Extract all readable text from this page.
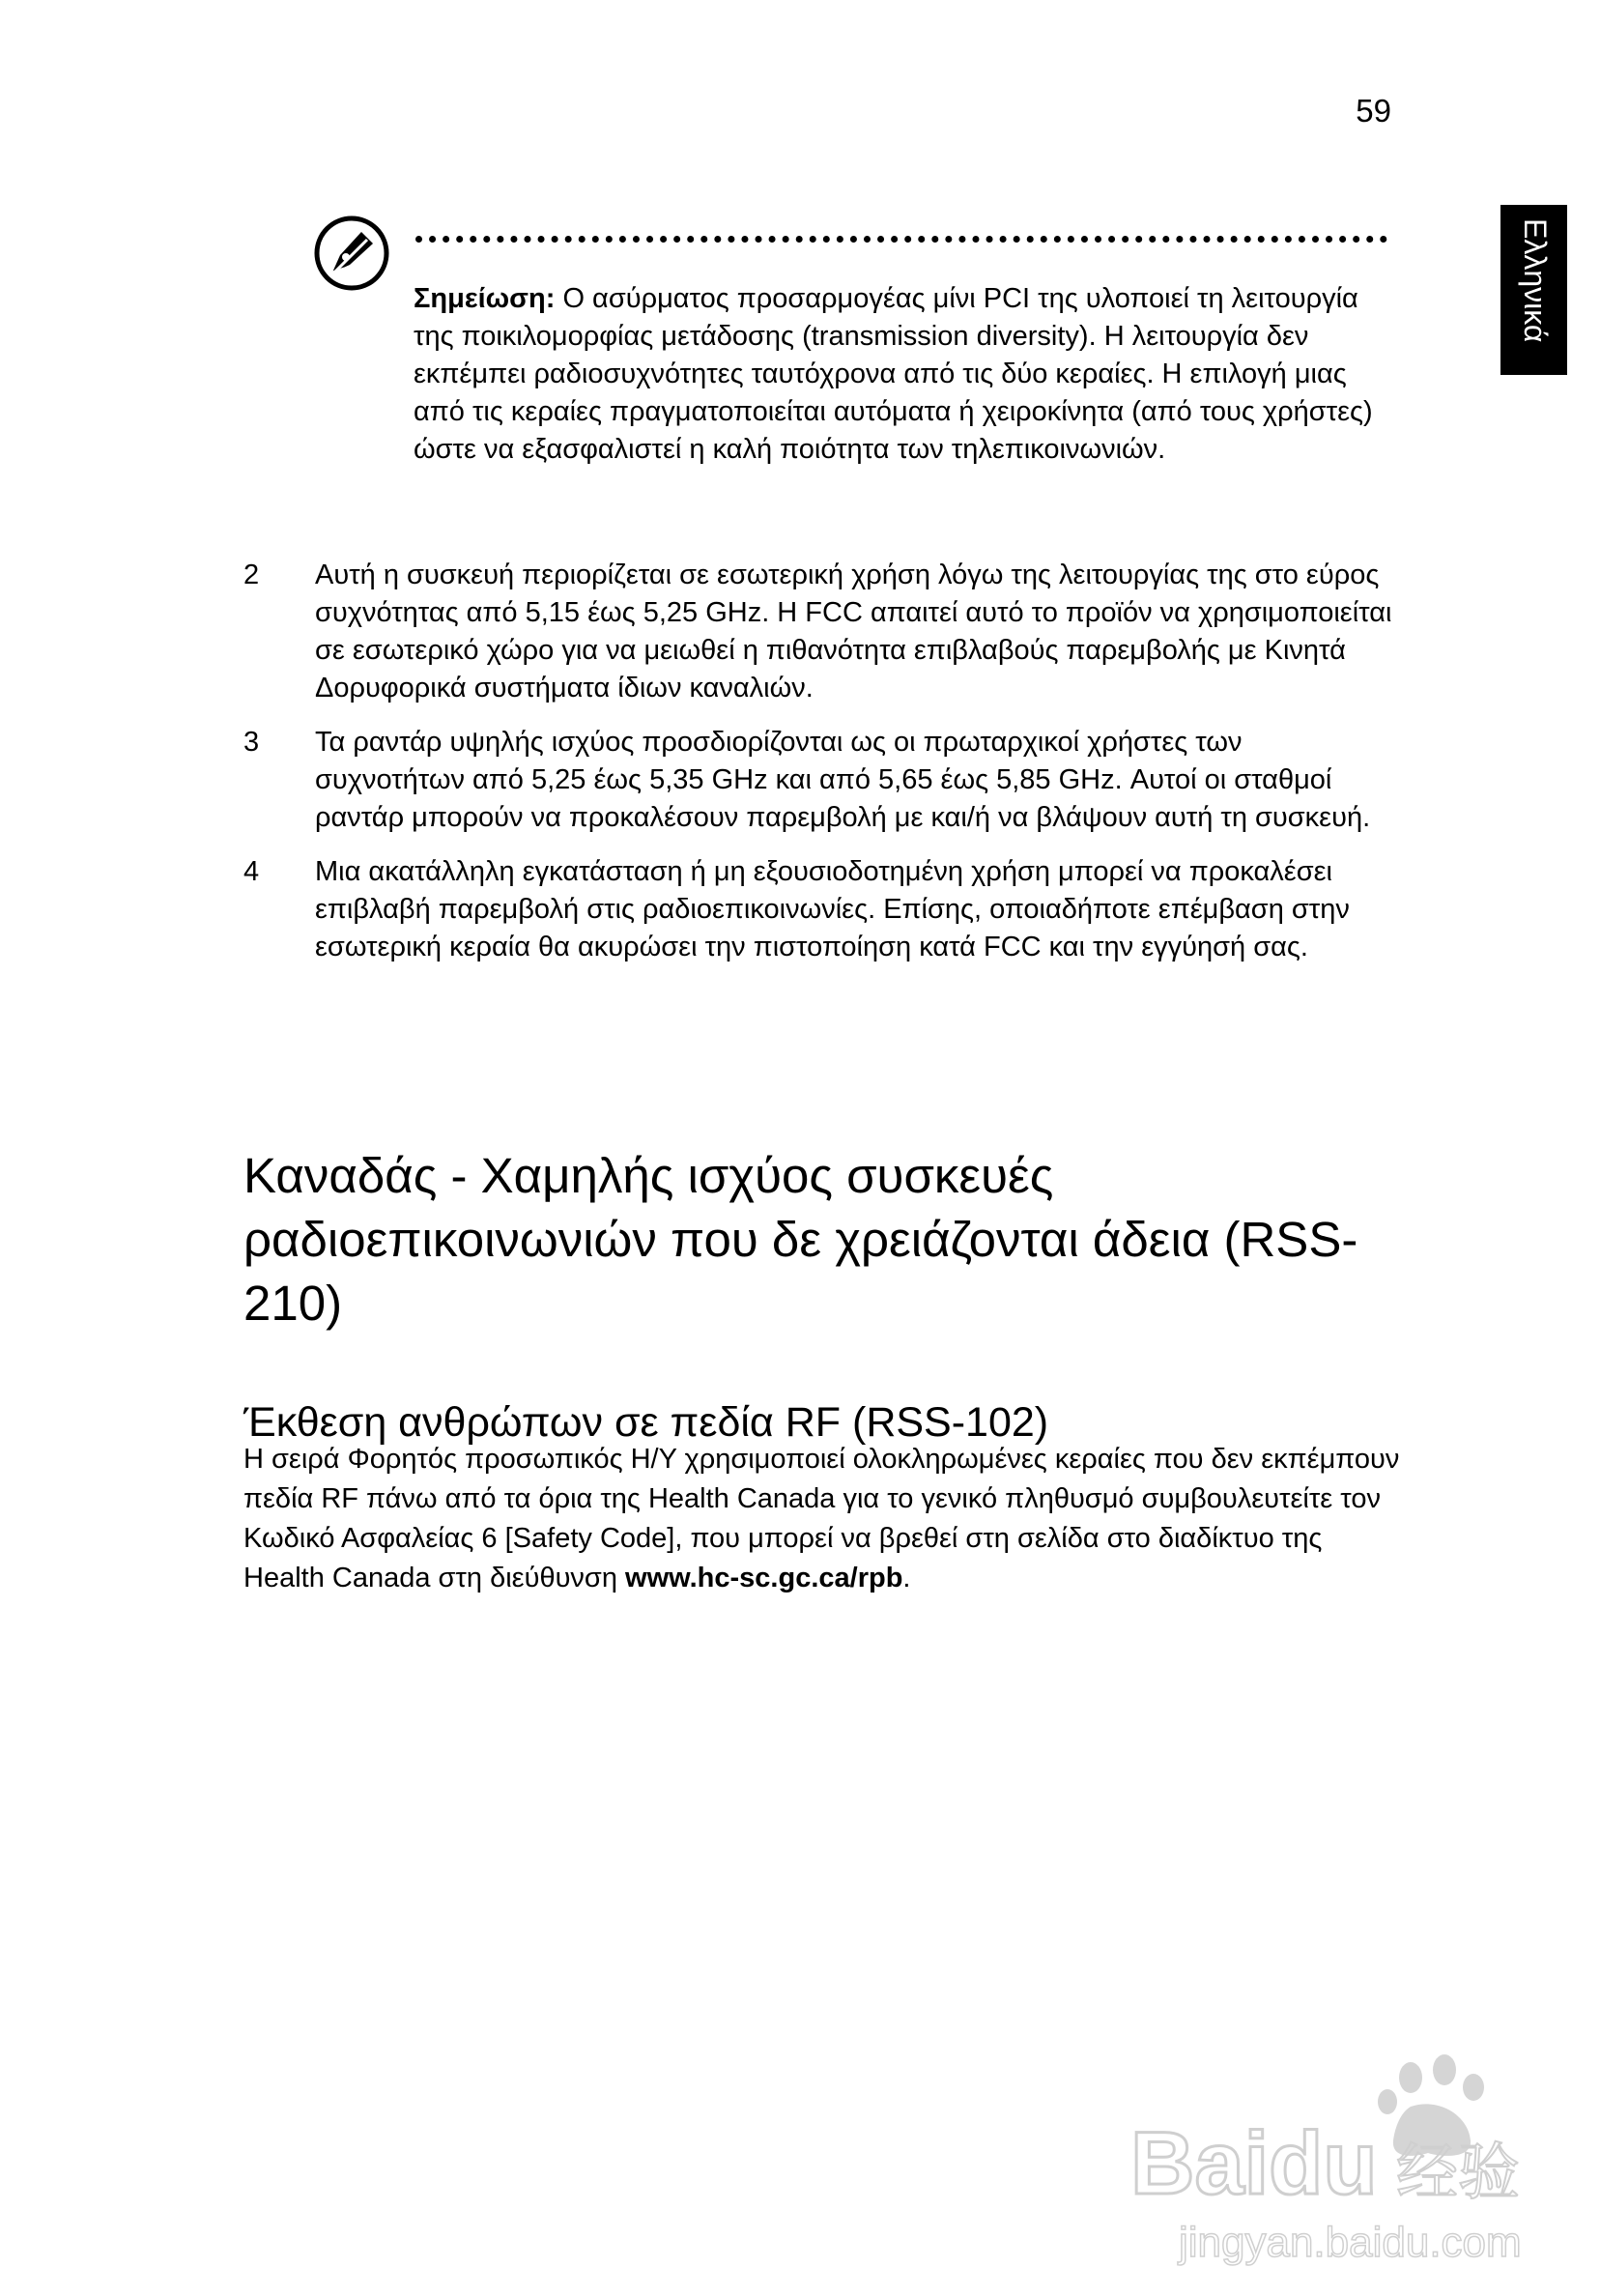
59
Ελληνικά
Σημείωση: Ο ασύρματος προσαρμογέας μίνι PCI της υλοποιεί τη λειτουργία της ποικιλομορφίας μετάδοσης (transmission diversity). Η λειτουργία δεν εκπέμπει ραδιοσυχνότητες ταυτόχρονα από τις δύο κεραίες. Η επιλογή μιας από τις κεραίες πραγματοποιείται αυτόματα ή χειροκίνητα (από τους χρήστες) ώστε να εξασφαλιστεί η καλή ποιότητα των τηλεπικοινωνιών.
2	Αυτή η συσκευή περιορίζεται σε εσωτερική χρήση λόγω της λειτουργίας της στο εύρος συχνότητας από 5,15 έως 5,25 GHz. Η FCC απαιτεί αυτό το προϊόν να χρησιμοποιείται σε εσωτερικό χώρο για να μειωθεί η πιθανότητα επιβλαβούς παρεμβολής με Κινητά Δορυφορικά συστήματα ίδιων καναλιών.
3	Τα ραντάρ υψηλής ισχύος προσδιορίζονται ως οι πρωταρχικοί χρήστες των συχνοτήτων από 5,25 έως 5,35 GHz και από 5,65 έως 5,85 GHz. Αυτοί οι σταθμοί ραντάρ μπορούν να προκαλέσουν παρεμβολή με και/ή να βλάψουν αυτή τη συσκευή.
4	Μια ακατάλληλη εγκατάσταση ή μη εξουσιοδοτημένη χρήση μπορεί να προκαλέσει επιβλαβή παρεμβολή στις ραδιοεπικοινωνίες. Επίσης, οποιαδήποτε επέμβαση στην εσωτερική κεραία θα ακυρώσει την πιστοποίηση κατά FCC και την εγγύησή σας.
Καναδάς - Χαμηλής ισχύος συσκευές ραδιοεπικοινωνιών που δε χρειάζονται άδεια (RSS-210)
Έκθεση ανθρώπων σε πεδία RF (RSS-102)
Η σειρά Φορητός προσωπικός Η/Υ χρησιμοποιεί ολοκληρωμένες κεραίες που δεν εκπέμπουν πεδία RF πάνω από τα όρια της Health Canada για το γενικό πληθυσμό συμβουλευτείτε τον Κωδικό Ασφαλείας 6 [Safety Code], που μπορεί να βρεθεί στη σελίδα στο διαδίκτυο της Health Canada στη διεύθυνση www.hc-sc.gc.ca/rpb.
Baidu 经验
jingyan.baidu.com
